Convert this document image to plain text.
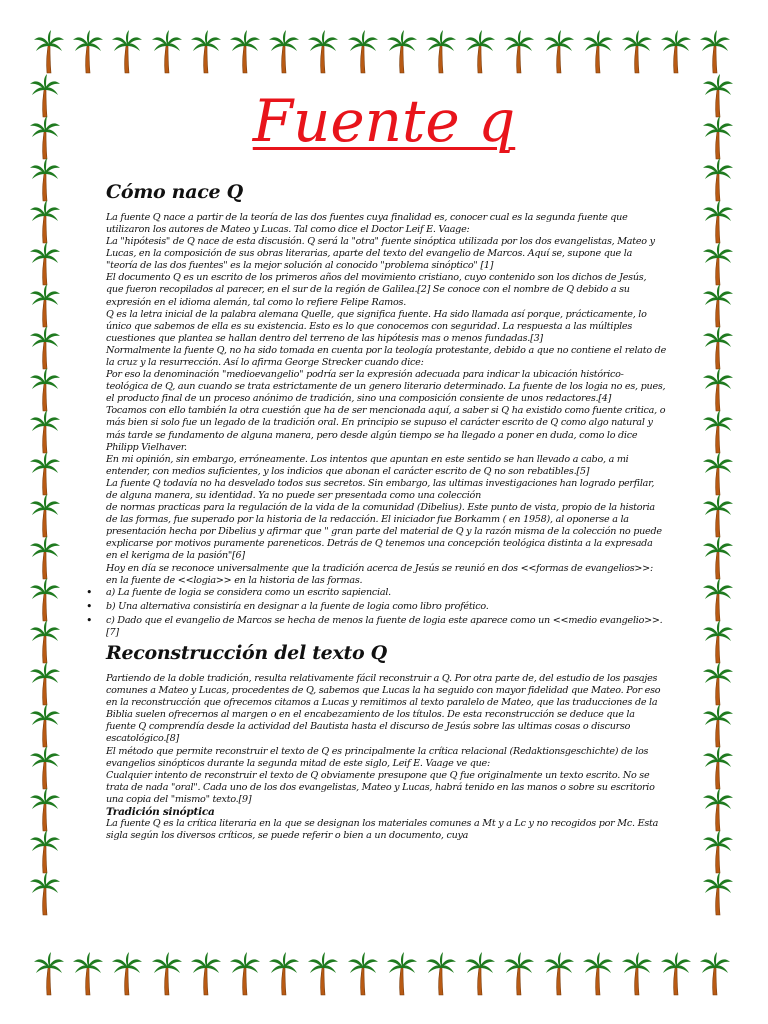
Fuente q
Cómo nace Q

La fuente Q nace a partir de la teoría de las dos fuentes cuya finalidad es, conocer cual es la segunda fuente que utilizaron los autores de Mateo y Lucas. Tal como dice el Doctor Leif E. Vaage:

La "hipótesis" de Q nace de esta discusión. Q será la "otra" fuente sinóptica utilizada por los dos evangelistas, Mateo y Lucas, en la composición de sus obras literarias, aparte del texto del evangelio de Marcos. Aquí se, supone que la "teoría de las dos fuentes" es la mejor solución al conocido "problema sinóptico" [1]

El documento Q es un escrito de los primeros años del movimiento cristiano, cuyo contenido son los dichos de Jesús, que fueron recopilados al parecer, en el sur de la región de Galilea.[2] Se conoce con el nombre de Q debido a su expresión en el idioma alemán, tal como lo refiere Felipe Ramos.

Q es la letra inicial de la palabra alemana Quelle, que significa fuente. Ha sido llamada así porque, prácticamente, lo único que sabemos de ella es su existencia. Esto es lo que conocemos con seguridad. La respuesta a las múltiples cuestiones que plantea se hallan dentro del terreno de las hipótesis mas o menos fundadas.[3]

Normalmente la fuente Q, no ha sido tomada en cuenta por la teología protestante, debido a que no contiene el relato de la cruz y la resurrección. Así lo afirma George Strecker cuando dice:

Por eso la denominación "medioevangelio" podría ser la expresión adecuada para indicar la ubicación histórico- teológica de Q, aun cuando se trata estrictamente de un genero literario determinado. La fuente de los logia no es, pues, el producto final de un proceso anónimo de tradición, sino una composición consiente de unos redactores.[4]

Tocamos con ello también la otra cuestión que ha de ser mencionada aquí, a saber si Q ha existido como fuente critica, o más bien si solo fue un legado de la tradición oral. En principio se supuso el carácter escrito de Q como algo natural y más tarde se fundamento de alguna manera, pero desde algún tiempo se ha llegado a poner en duda, como lo dice Philipp Vielhaver.

En mi opinión, sin embargo, erróneamente. Los intentos que apuntan en este sentido se han llevado a cabo, a mi entender, con medios suficientes, y los indicios que abonan el carácter escrito de Q no son rebatibles.[5]

La fuente Q todavía no ha desvelado todos sus secretos. Sin embargo, las ultimas investigaciones han logrado perfilar, de alguna manera, su identidad. Ya no puede ser presentada como una colección

de normas practicas para la regulación de la vida de la comunidad (Dibelius). Este punto de vista, propio de la historia de las formas, fue superado por la historia de la redacción. El iniciador fue Borkamm ( en 1958), al oponerse a la presentación hecha por Dibelius y afirmar que " gran parte del material de Q y la razón misma de la colección no puede explicarse por motivos puramente pareneticos. Detrás de Q tenemos una concepción teológica distinta a la expresada en el kerigma de la pasión"[6]

Hoy en día se reconoce universalmente que la tradición acerca de Jesús se reunió en dos <<formas de evangelios>>: en la fuente de <<logia>> en la historia de las formas.

• a) La fuente de logia se considera como un escrito sapiencial.
• b) Una alternativa consistiría en designar a la fuente de logia como libro profético.
• c) Dado que el evangelio de Marcos se hecha de menos la fuente de logia este aparece como un <<medio evangelio>>.[7]
Reconstrucción del texto Q

Partiendo de la doble tradición, resulta relativamente fácil reconstruir a Q. Por otra parte de, del estudio de los pasajes comunes a Mateo y Lucas, procedentes de Q, sabemos que Lucas la ha seguido con mayor fidelidad que Mateo. Por eso en la reconstrucción que ofrecemos citamos a Lucas y remitimos al texto paralelo de Mateo, que las traducciones de la Biblia suelen ofrecernos al margen o en el encabezamiento de los títulos. De esta reconstrucción se deduce que la fuente Q comprendía desde la actividad del Bautista hasta el discurso de Jesús sobre las ultimas cosas o discurso escatológico.[8]

El método que permite reconstruir el texto de Q es principalmente la crítica relacional (Redaktionsgeschichte) de los evangelios sinópticos durante la segunda mitad de este siglo, Leif E. Vaage ve que:

Cualquier intento de reconstruir el texto de Q obviamente presupone que Q fue originalmente un texto escrito. No se trata de nada "oral". Cada uno de los dos evangelistas, Mateo y Lucas, habrá tenido en las manos o sobre su escritorio una copia del "mismo" texto.[9]

Tradición sinóptica

La fuente Q es la crítica literaria en la que se designan los materiales comunes a Mt y a Lc y no recogidos por Mc. Esta sigla según los diversos críticos, se puede referir o bien a un documento, cuya
